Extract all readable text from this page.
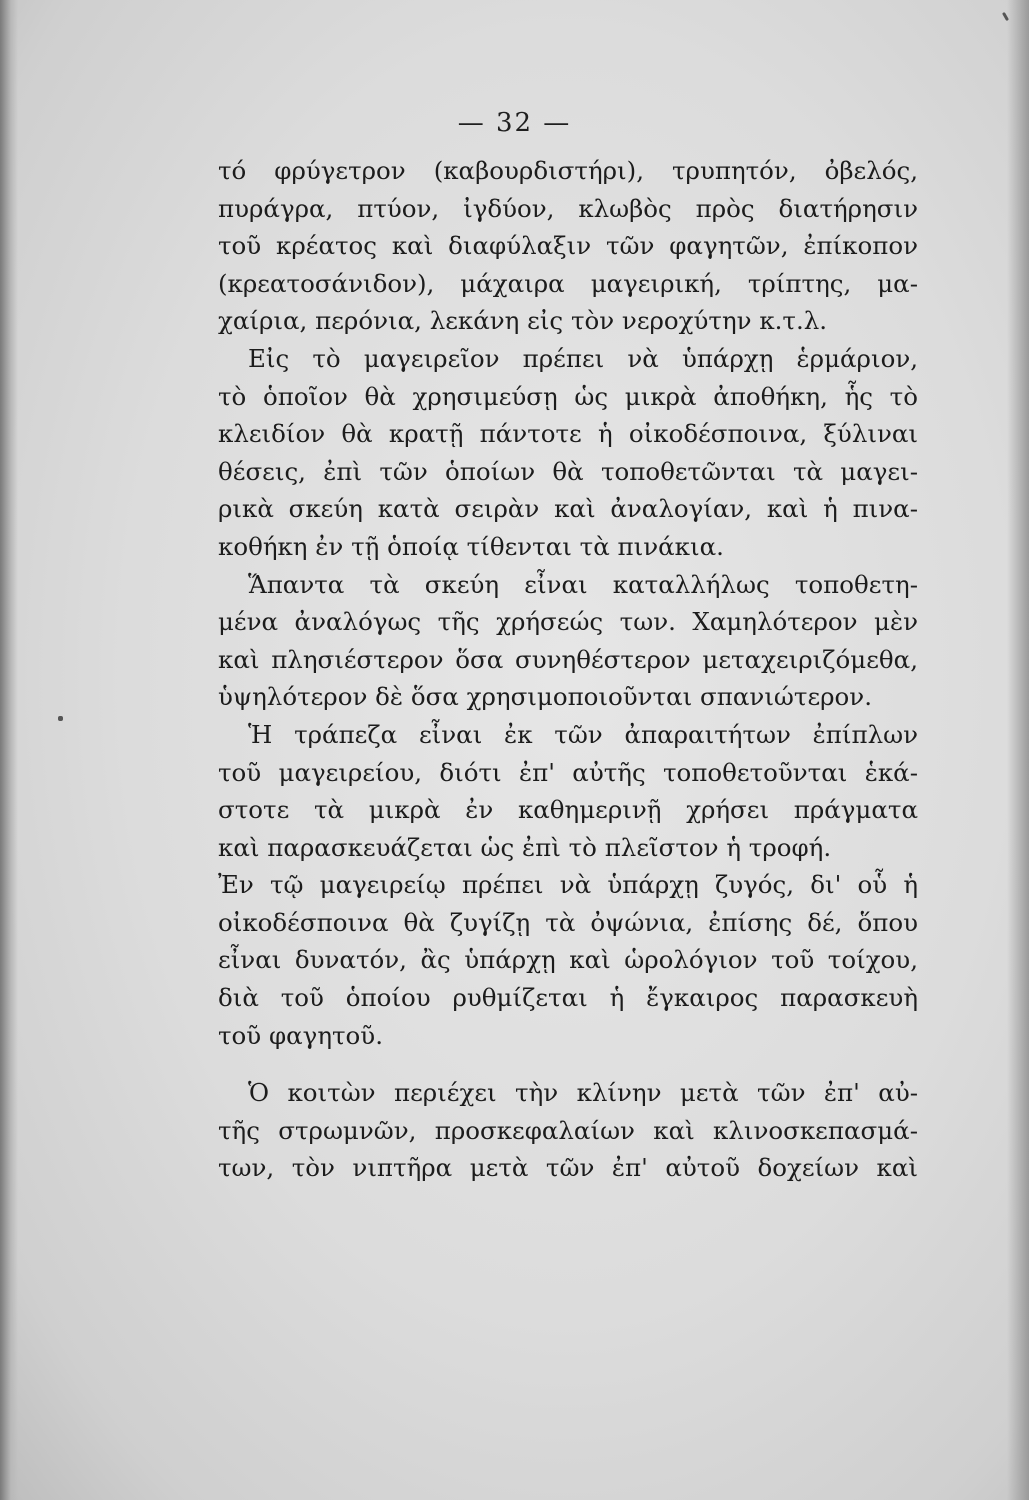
— 32 —
τό φρύγετρον (καβουρδιστήρι), τρυπητόν, ὀβελός,
πυράγρα, πτύον, ἰγδύον, κλωβὸς πρὸς διατήρησιν
τοῦ κρέατος καὶ διαφύλαξιν τῶν φαγητῶν, ἐπίκοπον
(κρεατοσάνιδον), μάχαιρα μαγειρική, τρίπτης, μα-
χαίρια, περόνια, λεκάνη εἰς τὸν νεροχύτην κ.τ.λ.
Εἰς τὸ μαγειρεῖον πρέπει νὰ ὑπάρχῃ ἑρμάριον,
τὸ ὁποῖον θὰ χρησιμεύσῃ ὡς μικρὰ ἀποθήκη, ἧς τὸ
κλειδίον θὰ κρατῇ πάντοτε ἡ οἰκοδέσποινα, ξύλιναι
θέσεις, ἐπὶ τῶν ὁποίων θὰ τοποθετῶνται τὰ μαγει-
ρικὰ σκεύη κατὰ σειρὰν καὶ ἀναλογίαν, καὶ ἡ πινα-
κοθήκη ἐν τῇ ὁποίᾳ τίθενται τὰ πινάκια.
Ἅπαντα τὰ σκεύη εἶναι καταλλήλως τοποθετη-
μένα ἀναλόγως τῆς χρήσεώς των. Χαμηλότερον μὲν
καὶ πλησιέστερον ὅσα συνηθέστερον μεταχειριζόμεθα,
ὑψηλότερον δὲ ὅσα χρησιμοποιοῦνται σπανιώτερον.
Ἡ τράπεζα εἶναι ἐκ τῶν ἀπαραιτήτων ἐπίπλων
τοῦ μαγειρείου, διότι ἐπ' αὐτῆς τοποθετοῦνται ἑκά-
στοτε τὰ μικρὰ ἐν καθημερινῇ χρήσει πράγματα
καὶ παρασκευάζεται ὡς ἐπὶ τὸ πλεῖστον ἡ τροφή.
Ἐν τῷ μαγειρείῳ πρέπει νὰ ὑπάρχῃ ζυγός, δι' οὗ ἡ
οἰκοδέσποινα θὰ ζυγίζῃ τὰ ὀψώνια, ἐπίσης δέ, ὅπου
εἶναι δυνατόν, ἂς ὑπάρχῃ καὶ ὡρολόγιον τοῦ τοίχου,
διὰ τοῦ ὁποίου ρυθμίζεται ἡ ἔγκαιρος παρασκευὴ
τοῦ φαγητοῦ.
Ὁ κοιτὼν περιέχει τὴν κλίνην μετὰ τῶν ἐπ' αὐ-
τῆς στρωμνῶν, προσκεφαλαίων καὶ κλινοσκεπασμά-
των, τὸν νιπτῆρα μετὰ τῶν ἐπ' αὐτοῦ δοχείων καὶ
